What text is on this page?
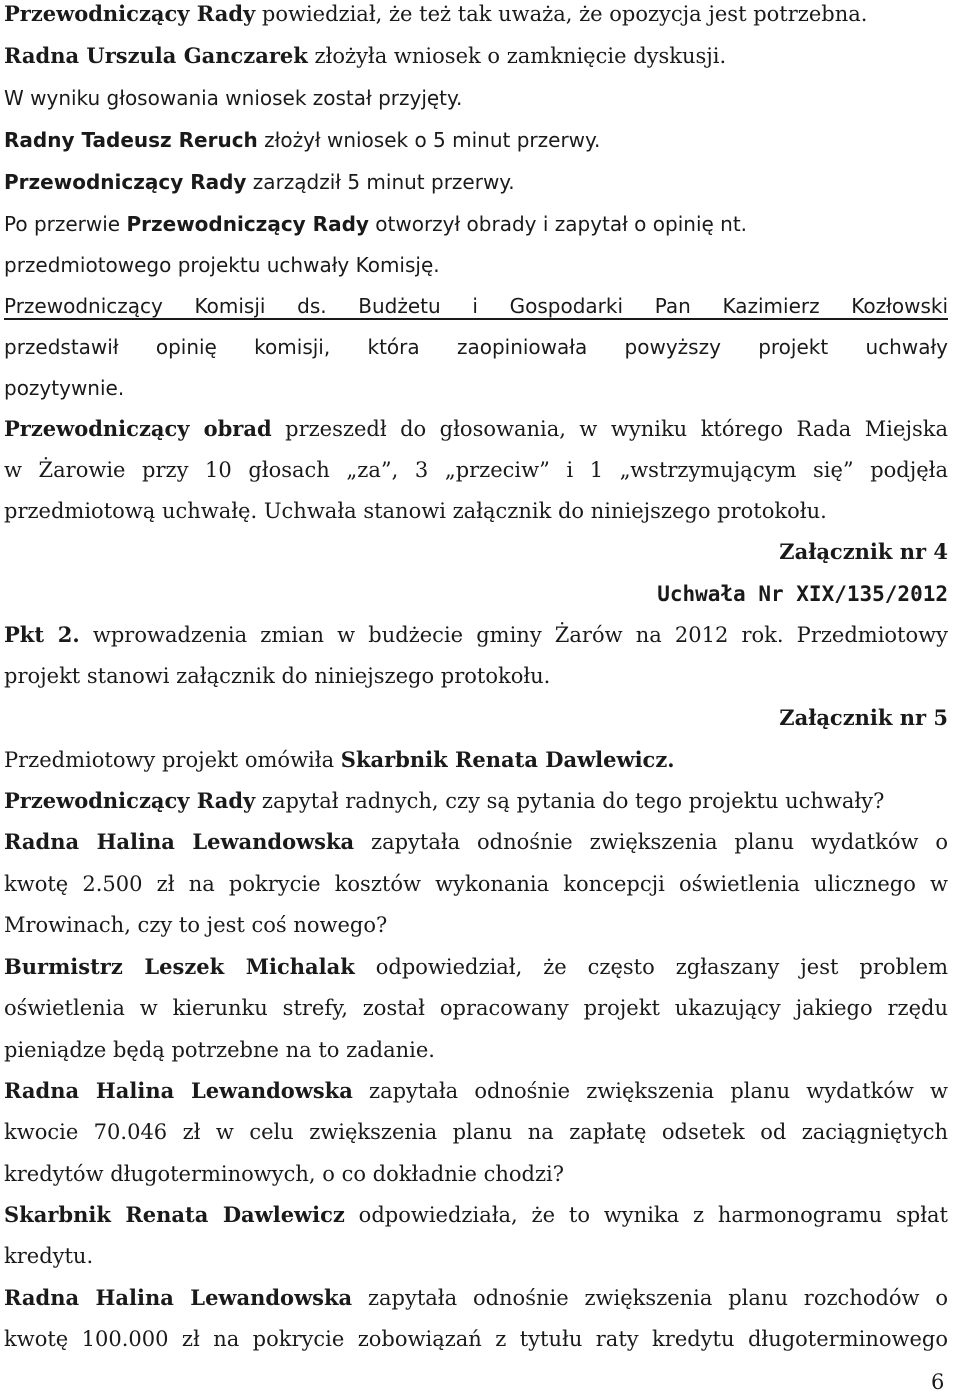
Przewodniczący Rady powiedział, że też tak uważa, że opozycja jest potrzebna.
Radna Urszula Ganczarek złożyła wniosek o zamknięcie dyskusji.
W wyniku głosowania wniosek został przyjęty.
Radny Tadeusz Reruch złożył wniosek o 5 minut przerwy.
Przewodniczący Rady zarządził 5 minut przerwy.
Po przerwie Przewodniczący Rady otworzył obrady i zapytał o opinię nt.
przedmiotowego projektu uchwały Komisję.
Przewodniczący Komisji ds. Budżetu i Gospodarki Pan Kazimierz Kozłowski
przedstawił opinię komisji, która zaopiniowała powyższy projekt uchwały
pozytywnie.
Przewodniczący obrad przeszedł do głosowania, w wyniku którego Rada Miejska
w Żarowie przy 10 głosach „za”, 3 „przeciw” i 1 „wstrzymującym się” podjęła
przedmiotową uchwałę. Uchwała stanowi załącznik do niniejszego protokołu.
Załącznik nr 4
Uchwała Nr XIX/135/2012
Pkt 2. wprowadzenia zmian w budżecie gminy Żarów na 2012 rok. Przedmiotowy
projekt stanowi załącznik do niniejszego protokołu.
Załącznik nr 5
Przedmiotowy projekt omówiła Skarbnik Renata Dawlewicz.
Przewodniczący Rady zapytał radnych, czy są pytania do tego projektu uchwały?
Radna Halina Lewandowska zapytała odnośnie zwiększenia planu wydatków o
kwotę 2.500 zł na pokrycie kosztów wykonania koncepcji oświetlenia ulicznego w
Mrowinach, czy to jest coś nowego?
Burmistrz Leszek Michalak odpowiedział, że często zgłaszany jest problem
oświetlenia w kierunku strefy, został opracowany projekt ukazujący jakiego rzędu
pieniądze będą potrzebne na to zadanie.
Radna Halina Lewandowska zapytała odnośnie zwiększenia planu wydatków w
kwocie 70.046 zł w celu zwiększenia planu na zapłatę odsetek od zaciągniętych
kredytów długoterminowych, o co dokładnie chodzi?
Skarbnik Renata Dawlewicz odpowiedziała, że to wynika z harmonogramu spłat
kredytu.
Radna Halina Lewandowska zapytała odnośnie zwiększenia planu rozchodów o
kwotę 100.000 zł na pokrycie zobowiązań z tytułu raty kredytu długoterminowego
6
